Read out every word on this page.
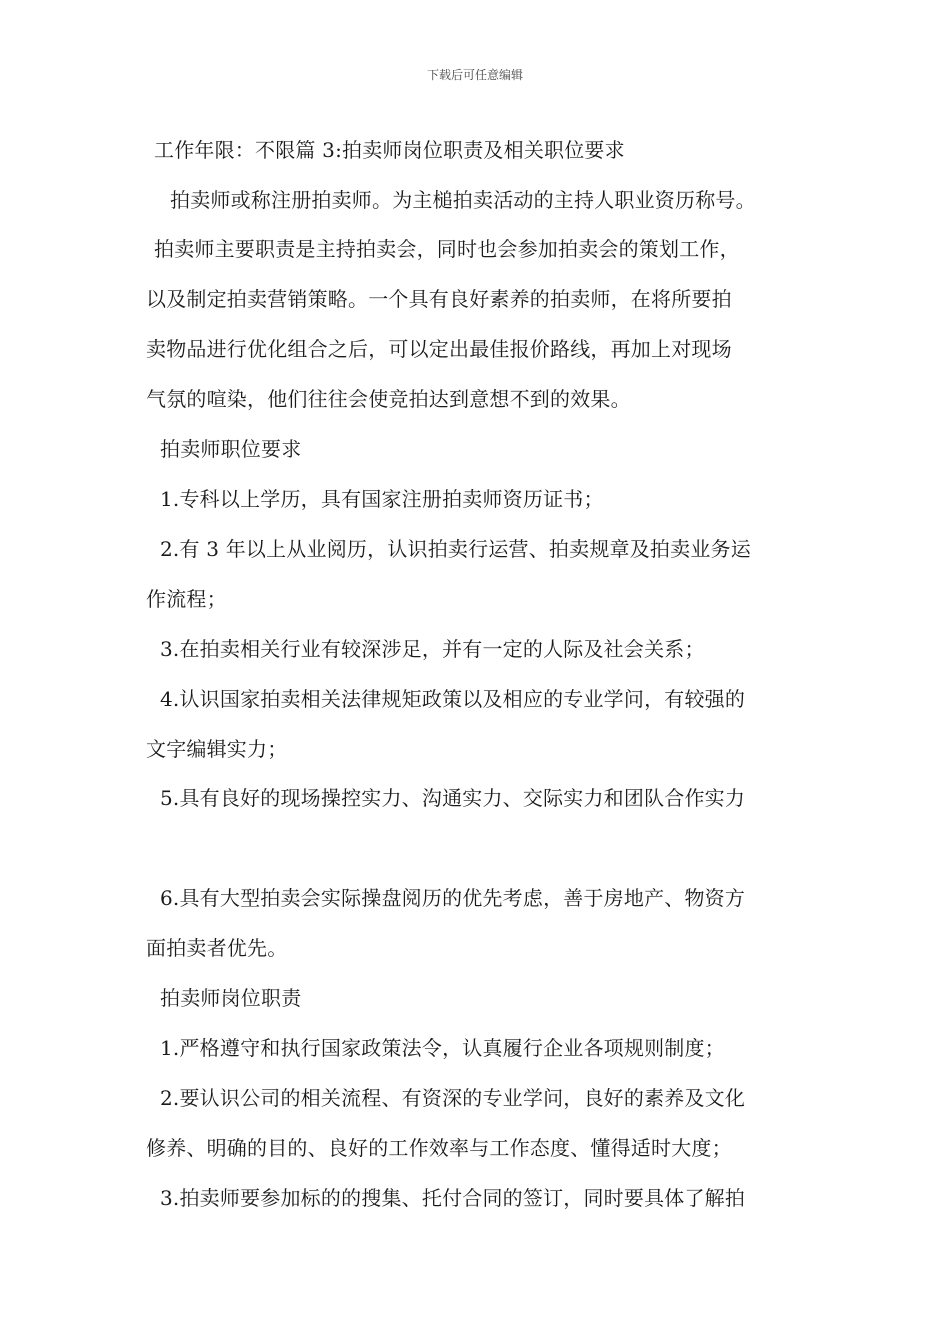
下载后可任意编辑
工作年限：不限篇 3:拍卖师岗位职责及相关职位要求
拍卖师或称注册拍卖师。为主槌拍卖活动的主持人职业资历称号。
拍卖师主要职责是主持拍卖会，同时也会参加拍卖会的策划工作，
以及制定拍卖营销策略。一个具有良好素养的拍卖师，在将所要拍
卖物品进行优化组合之后，可以定出最佳报价路线，再加上对现场
气氛的喧染，他们往往会使竞拍达到意想不到的效果。
拍卖师职位要求
1.专科以上学历，具有国家注册拍卖师资历证书；
2.有 3 年以上从业阅历，认识拍卖行运营、拍卖规章及拍卖业务运
作流程；
3.在拍卖相关行业有较深涉足，并有一定的人际及社会关系；
4.认识国家拍卖相关法律规矩政策以及相应的专业学问，有较强的
文字编辑实力；
5.具有良好的现场操控实力、沟通实力、交际实力和团队合作实力
6.具有大型拍卖会实际操盘阅历的优先考虑，善于房地产、物资方
面拍卖者优先。
拍卖师岗位职责
1.严格遵守和执行国家政策法令，认真履行企业各项规则制度；
2.要认识公司的相关流程、有资深的专业学问，良好的素养及文化
修养、明确的目的、良好的工作效率与工作态度、懂得适时大度；
3.拍卖师要参加标的的搜集、托付合同的签订，同时要具体了解拍
